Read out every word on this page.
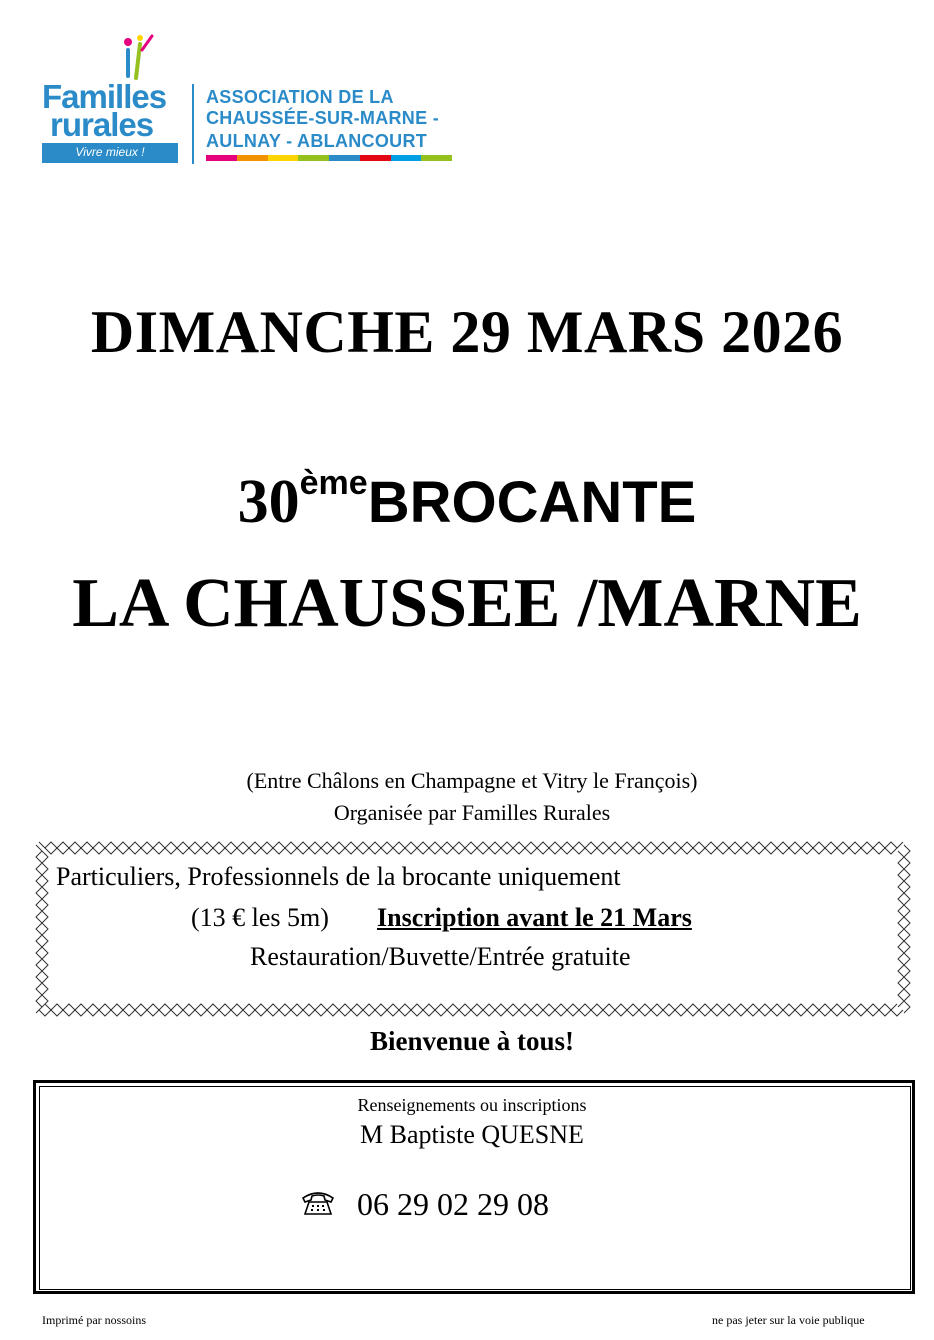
Familles
rurales
Vivre mieux !
ASSOCIATION DE LA
CHAUSSÉE-SUR-MARNE -
AULNAY - ABLANCOURT
DIMANCHE 29 MARS 2026
30èmeBROCANTE
LA CHAUSSEE /MARNE
(Entre Châlons en Champagne et Vitry le François)
Organisée par Familles Rurales
Particuliers, Professionnels de la brocante uniquement
(13 € les 5m) Inscription avant le 21 Mars
Restauration/Buvette/Entrée gratuite
Bienvenue à tous!
Renseignements ou inscriptions
M Baptiste QUESNE
06 29 02 29 08
Imprimé par nossoins	ne pas jeter sur la voie publique
